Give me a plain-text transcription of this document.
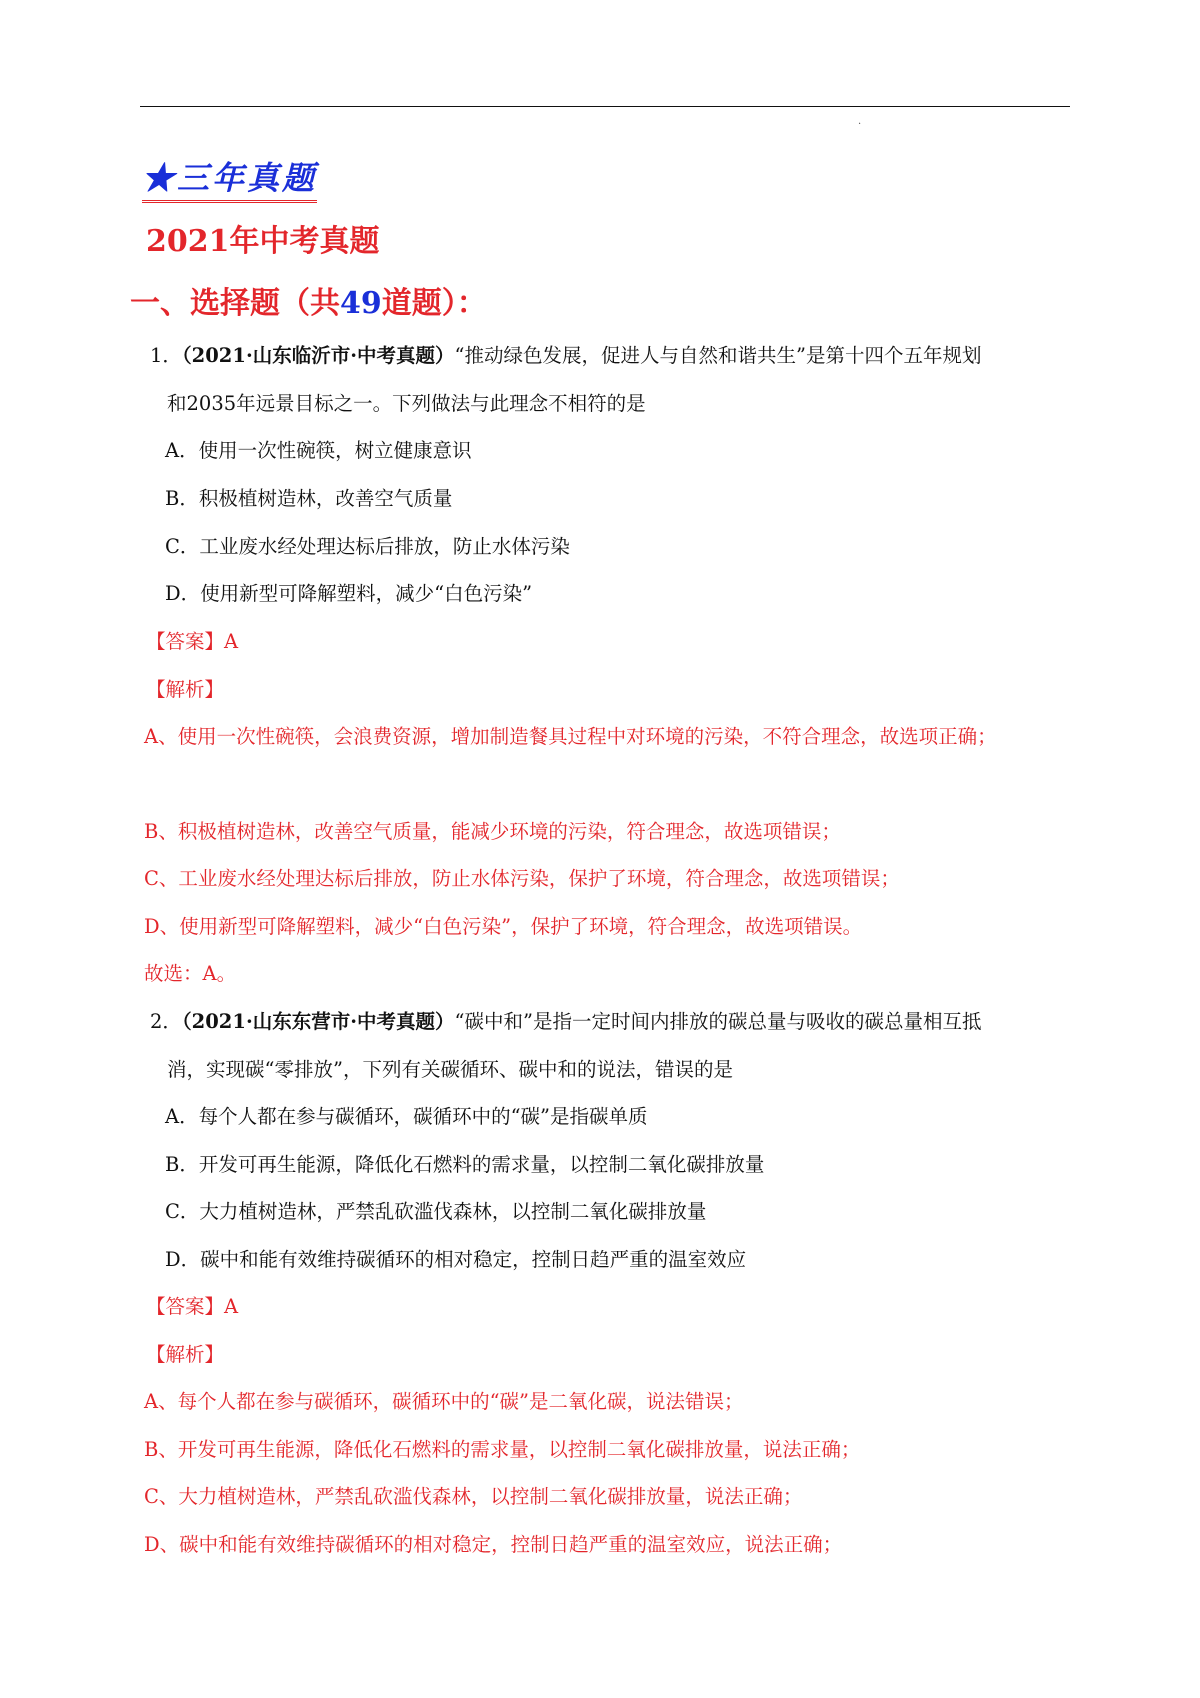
.
★三年真题
2021年中考真题
一、选择题（共49道题）：
1．（2021·山东临沂市·中考真题）“推动绿色发展，促进人与自然和谐共生”是第十四个五年规划
和2035年远景目标之一。下列做法与此理念不相符的是
A．使用一次性碗筷，树立健康意识
B．积极植树造林，改善空气质量
C．工业废水经处理达标后排放，防止水体污染
D．使用新型可降解塑料，减少“白色污染”
【答案】A
【解析】
A、使用一次性碗筷，会浪费资源，增加制造餐具过程中对环境的污染，不符合理念，故选项正确；
B、积极植树造林，改善空气质量，能减少环境的污染，符合理念，故选项错误；
C、工业废水经处理达标后排放，防止水体污染，保护了环境，符合理念，故选项错误；
D、使用新型可降解塑料，减少“白色污染”，保护了环境，符合理念，故选项错误。
故选：A。
2．（2021·山东东营市·中考真题）“碳中和”是指一定时间内排放的碳总量与吸收的碳总量相互抵
消，实现碳“零排放”，下列有关碳循环、碳中和的说法，错误的是
A．每个人都在参与碳循环，碳循环中的“碳”是指碳单质
B．开发可再生能源，降低化石燃料的需求量，以控制二氧化碳排放量
C．大力植树造林，严禁乱砍滥伐森林，以控制二氧化碳排放量
D．碳中和能有效维持碳循环的相对稳定，控制日趋严重的温室效应
【答案】A
【解析】
A、每个人都在参与碳循环，碳循环中的“碳”是二氧化碳，说法错误；
B、开发可再生能源，降低化石燃料的需求量，以控制二氧化碳排放量，说法正确；
C、大力植树造林，严禁乱砍滥伐森林，以控制二氧化碳排放量，说法正确；
D、碳中和能有效维持碳循环的相对稳定，控制日趋严重的温室效应，说法正确；
